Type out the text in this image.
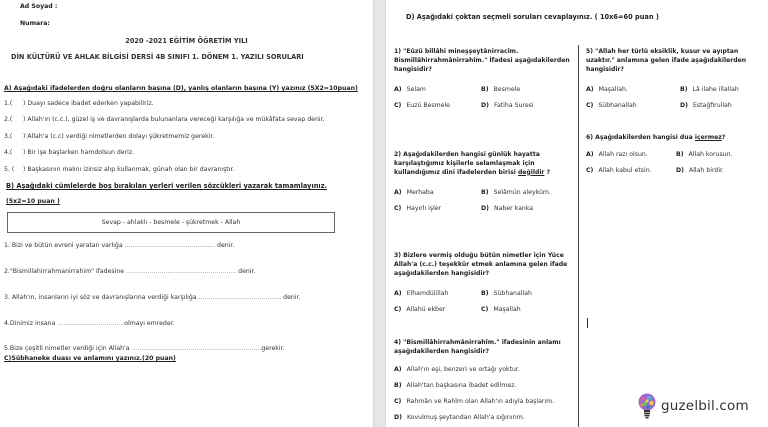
Ad Soyad :
Numara:
2020 -2021 EĞİTİM ÖĞRETİM YILI
DİN KÜLTÜRÜ VE AHLAK BİLGİSİ DERSİ 4B SINIFI 1. DÖNEM 1. YAZILI SORULARI
A) Aşağıdaki ifadelerden doğru olanların başına (D), yanlış olanların başına (Y) yazınız (5X2=10puan)
1.( ) Duayı sadece ibadet ederken yapabiliriz.
2.( ) Allah'ın (c.c.), güzel iş ve davranışlarda bulunanlara vereceği karşılığa ve mükâfata sevap denir.
3.( ) Allah'a (c.c) verdiği nimetlerden dolayı şükretmemiz gerekir.
4.( ) Bir işe başlarken hamdolsun deriz.
5. ( ) Başkasının malını izinsiz alıp kullanmak, günah olan bir davranıştır.
B) Aşağıdaki cümlelerde boş bırakılan yerleri verilen sözcükleri yazarak tamamlayınız.
(5x2=10 puan )
Sevap - ahlaklı - besmele - şükretmek - Allah
1. Bizi ve bütün evreni yaratan varlığa .............................................. denir.
2."Bismillahirrahmanirrahim" ifadesine ........................................................ denir.
3. Allah'ın, insanların iyi söz ve davranışlarına verdiği karşılığa........................................... denir.
4.Dinimiz insana ..................................olmayı emreder.
5.Bize çeşitli nimetler verdiği için Allah'a ..................................................................gerekir.
C)Sübhaneke duası ve anlamını yazınız.(20 puan)
D) Aşağıdaki çoktan seçmeli soruları cevaplayınız. ( 10x6=60 puan )
1) "Eûzü billâhi mineşşeytânirracîm. Bismillâhirrahmânirrahîm." İfadesi aşağıdakilerden hangisidir?
A) Selam	B) Besmele
C) Euzü Besmele	D) Fatiha Suresi
2) Aşağıdakilerden hangisi günlük hayatta karşılaştığımız kişilerle selamlaşmak için kullandığımız dini ifadelerden birisi değildir ?
A) Merhaba	B) Selâmün aleyküm.
C) Hayırlı işler	D) Naber kanka
3) Bizlere vermiş olduğu bütün nimetler için Yüce Allah'a (c.c.) teşekkür etmek anlamına gelen ifade aşağıdakilerden hangisidir?
A) Elhamdülillah	B) Sübhanallah
C) Allahü ekber	C) Maşallah
4) "Bismillâhirrahmânirrahîm." ifadesinin anlamı aşağıdakilerden hangisidir?
A) Allah'ın eşi, benzeri ve ortağı yoktur.
B) Allah'tan başkasına ibadet edilmez.
C) Rahmân ve Rahîm olan Allah'ın adıyla başlarım.
D) Kovulmuş şeytandan Allah'a sığınırım.
5) "Allah her türlü eksiklik, kusur ve ayıptan uzaktır." anlamına gelen ifade aşağıdakilerden hangisidir?
A) Maşallah.	B) Lâ ilahe illallah
C) Sübhanallah	D) Estağfirullah
6) Aşağıdakilerden hangisi dua içermez?
A) Allah razı olsun.	B) Allah korusun.
C) Allah kabul etsin.	D) Allah birdir.
guzelbil.com
